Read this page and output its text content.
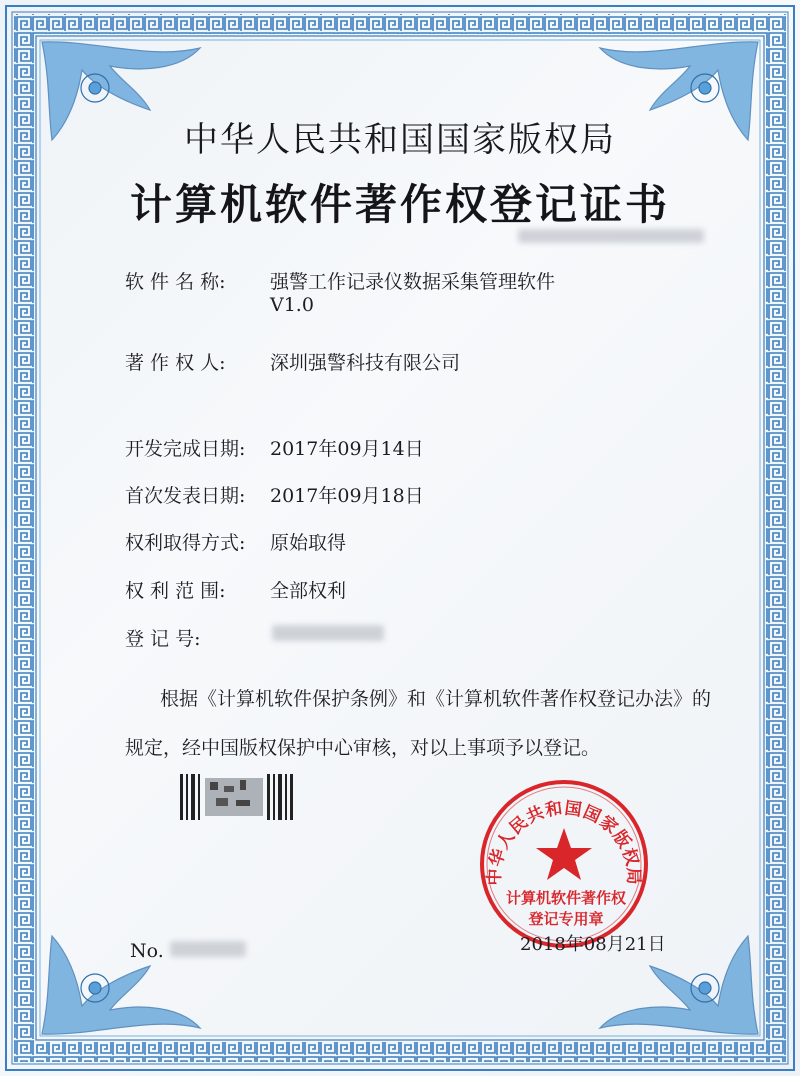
中华人民共和国国家版权局
计算机软件著作权登记证书
软 件 名 称: 强警工作记录仪数据采集管理软件
V1.0
著 作 权 人: 深圳强警科技有限公司
开发完成日期: 2017年09月14日
首次发表日期: 2017年09月18日
权利取得方式: 原始取得
权 利 范 围: 全部权利
登 记 号:
根据《计算机软件保护条例》和《计算机软件著作权登记办法》的
规定，经中国版权保护中心审核，对以上事项予以登记。
中华人民共和国国家版权局
计算机软件著作权
登记专用章
No.	2018年08月21日
